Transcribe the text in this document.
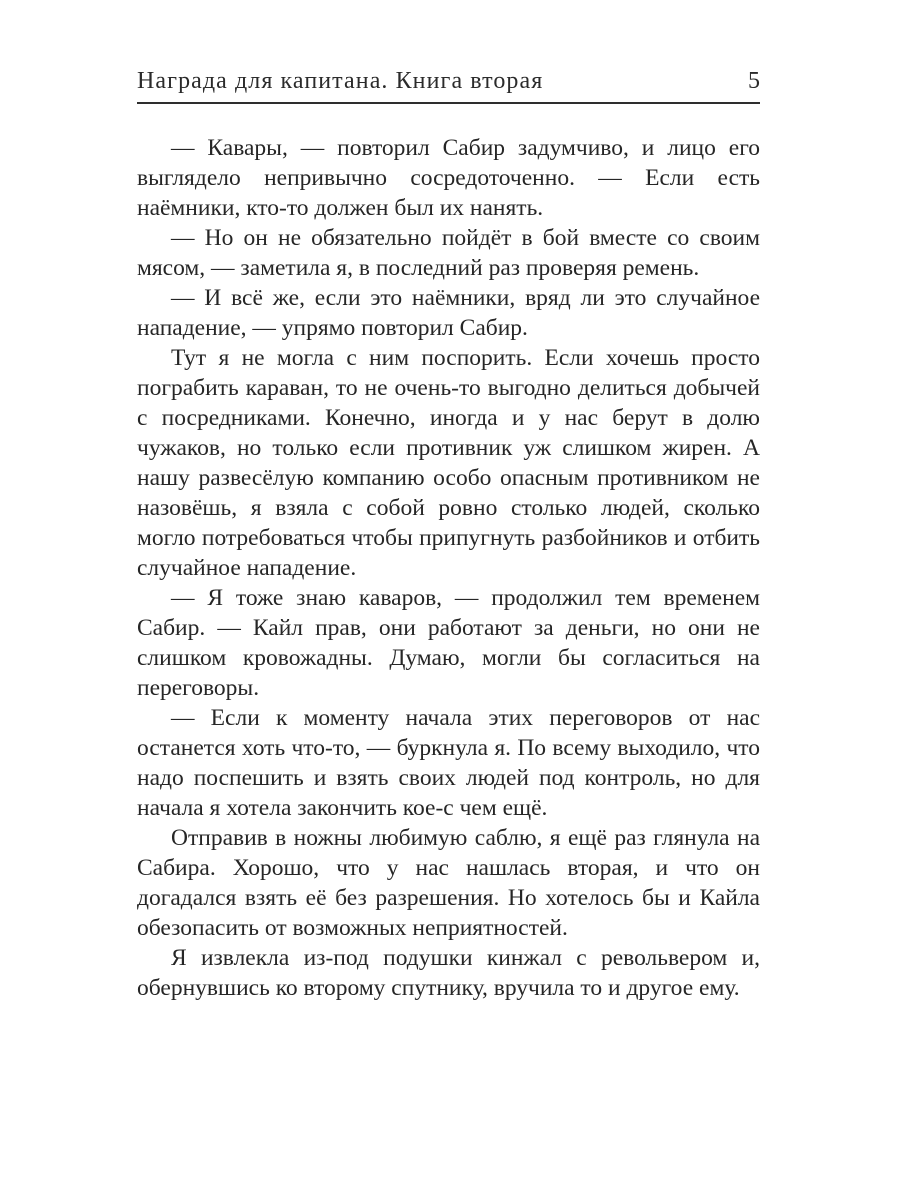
Награда для капитана. Книга вторая	5

— Кавары, — повторил Сабир задумчиво, и лицо его выглядело непривычно сосредоточенно. — Если есть наёмники, кто-то должен был их нанять.

— Но он не обязательно пойдёт в бой вместе со своим мясом, — заметила я, в последний раз проверяя ремень.

— И всё же, если это наёмники, вряд ли это случайное нападение, — упрямо повторил Сабир.

Тут я не могла с ним поспорить. Если хочешь просто пограбить караван, то не очень-то выгодно делиться добычей с посредниками. Конечно, иногда и у нас берут в долю чужаков, но только если противник уж слишком жирен. А нашу развесёлую компанию особо опасным противником не назовёшь, я взяла с собой ровно столько людей, сколько могло потребоваться чтобы припугнуть разбойников и отбить случайное нападение.

— Я тоже знаю каваров, — продолжил тем временем Сабир. — Кайл прав, они работают за деньги, но они не слишком кровожадны. Думаю, могли бы согласиться на переговоры.

— Если к моменту начала этих переговоров от нас останется хоть что-то, — буркнула я. По всему выходило, что надо поспешить и взять своих людей под контроль, но для начала я хотела закончить кое-с чем ещё.

Отправив в ножны любимую саблю, я ещё раз глянула на Сабира. Хорошо, что у нас нашлась вторая, и что он догадался взять её без разрешения. Но хотелось бы и Кайла обезопасить от возможных неприятностей.

Я извлекла из-под подушки кинжал с револьвером и, обернувшись ко второму спутнику, вручила то и другое ему.
